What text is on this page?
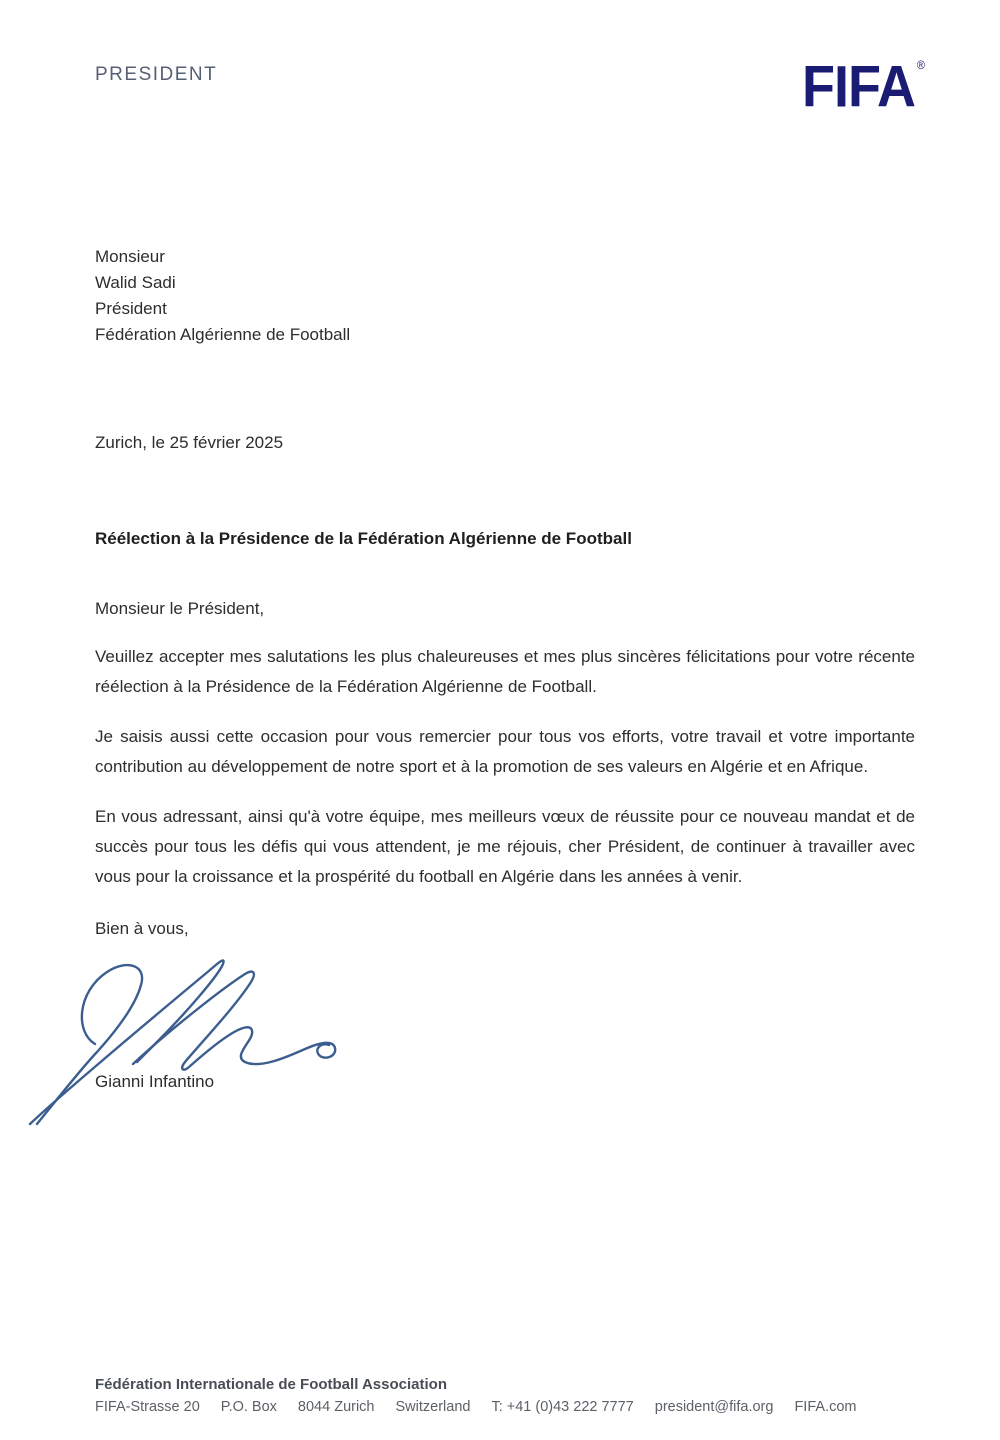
PRESIDENT	FIFA ®
Monsieur
Walid Sadi
Président
Fédération Algérienne de Football
Zurich, le 25 février 2025
Réélection à la Présidence de la Fédération Algérienne de Football
Monsieur le Président,

Veuillez accepter mes salutations les plus chaleureuses et mes plus sincères félicitations pour votre récente réélection à la Présidence de la Fédération Algérienne de Football.

Je saisis aussi cette occasion pour vous remercier pour tous vos efforts, votre travail et votre importante contribution au développement de notre sport et à la promotion de ses valeurs en Algérie et en Afrique.

En vous adressant, ainsi qu'à votre équipe, mes meilleurs vœux de réussite pour ce nouveau mandat et de succès pour tous les défis qui vous attendent, je me réjouis, cher Président, de continuer à travailler avec vous pour la croissance et la prospérité du football en Algérie dans les années à venir.

Bien à vous,
Gianni Infantino
Fédération Internationale de Football Association
FIFA-Strasse 20 P.O. Box 8044 Zurich Switzerland T: +41 (0)43 222 7777 president@fifa.org FIFA.com
